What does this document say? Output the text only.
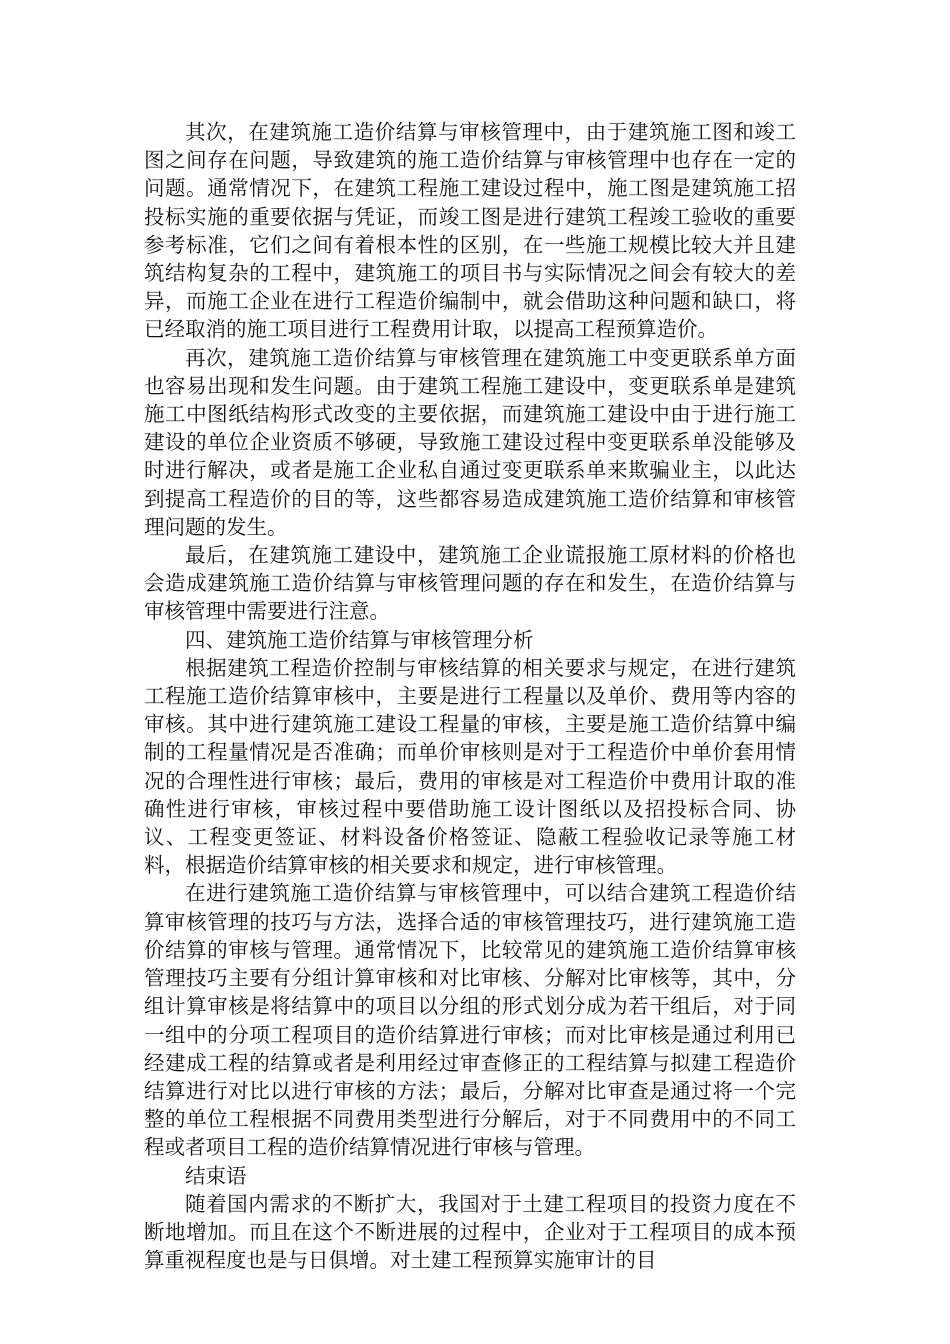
其次，在建筑施工造价结算与审核管理中，由于建筑施工图和竣工图之间存在问题，导致建筑的施工造价结算与审核管理中也存在一定的问题。通常情况下，在建筑工程施工建设过程中，施工图是建筑施工招投标实施的重要依据与凭证，而竣工图是进行建筑工程竣工验收的重要参考标准，它们之间有着根本性的区别，在一些施工规模比较大并且建筑结构复杂的工程中，建筑施工的项目书与实际情况之间会有较大的差异，而施工企业在进行工程造价编制中，就会借助这种问题和缺口，将已经取消的施工项目进行工程费用计取，以提高工程预算造价。

再次，建筑施工造价结算与审核管理在建筑施工中变更联系单方面也容易出现和发生问题。由于建筑工程施工建设中，变更联系单是建筑施工中图纸结构形式改变的主要依据，而建筑施工建设中由于进行施工建设的单位企业资质不够硬，导致施工建设过程中变更联系单没能够及时进行解决，或者是施工企业私自通过变更联系单来欺骗业主，以此达到提高工程造价的目的等，这些都容易造成建筑施工造价结算和审核管理问题的发生。

最后，在建筑施工建设中，建筑施工企业谎报施工原材料的价格也会造成建筑施工造价结算与审核管理问题的存在和发生，在造价结算与审核管理中需要进行注意。

四、建筑施工造价结算与审核管理分析

根据建筑工程造价控制与审核结算的相关要求与规定，在进行建筑工程施工造价结算审核中，主要是进行工程量以及单价、费用等内容的审核。其中进行建筑施工建设工程量的审核，主要是施工造价结算中编制的工程量情况是否准确；而单价审核则是对于工程造价中单价套用情况的合理性进行审核；最后，费用的审核是对工程造价中费用计取的准确性进行审核，审核过程中要借助施工设计图纸以及招投标合同、协议、工程变更签证、材料设备价格签证、隐蔽工程验收记录等施工材料，根据造价结算审核的相关要求和规定，进行审核管理。

在进行建筑施工造价结算与审核管理中，可以结合建筑工程造价结算审核管理的技巧与方法，选择合适的审核管理技巧，进行建筑施工造价结算的审核与管理。通常情况下，比较常见的建筑施工造价结算审核管理技巧主要有分组计算审核和对比审核、分解对比审核等，其中，分组计算审核是将结算中的项目以分组的形式划分成为若干组后，对于同一组中的分项工程项目的造价结算进行审核；而对比审核是通过利用已经建成工程的结算或者是利用经过审查修正的工程结算与拟建工程造价结算进行对比以进行审核的方法；最后，分解对比审查是通过将一个完整的单位工程根据不同费用类型进行分解后，对于不同费用中的不同工程或者项目工程的造价结算情况进行审核与管理。

结束语

随着国内需求的不断扩大，我国对于土建工程项目的投资力度在不断地增加。而且在这个不断进展的过程中，企业对于工程项目的成本预算重视程度也是与日俱增。对土建工程预算实施审计的目
